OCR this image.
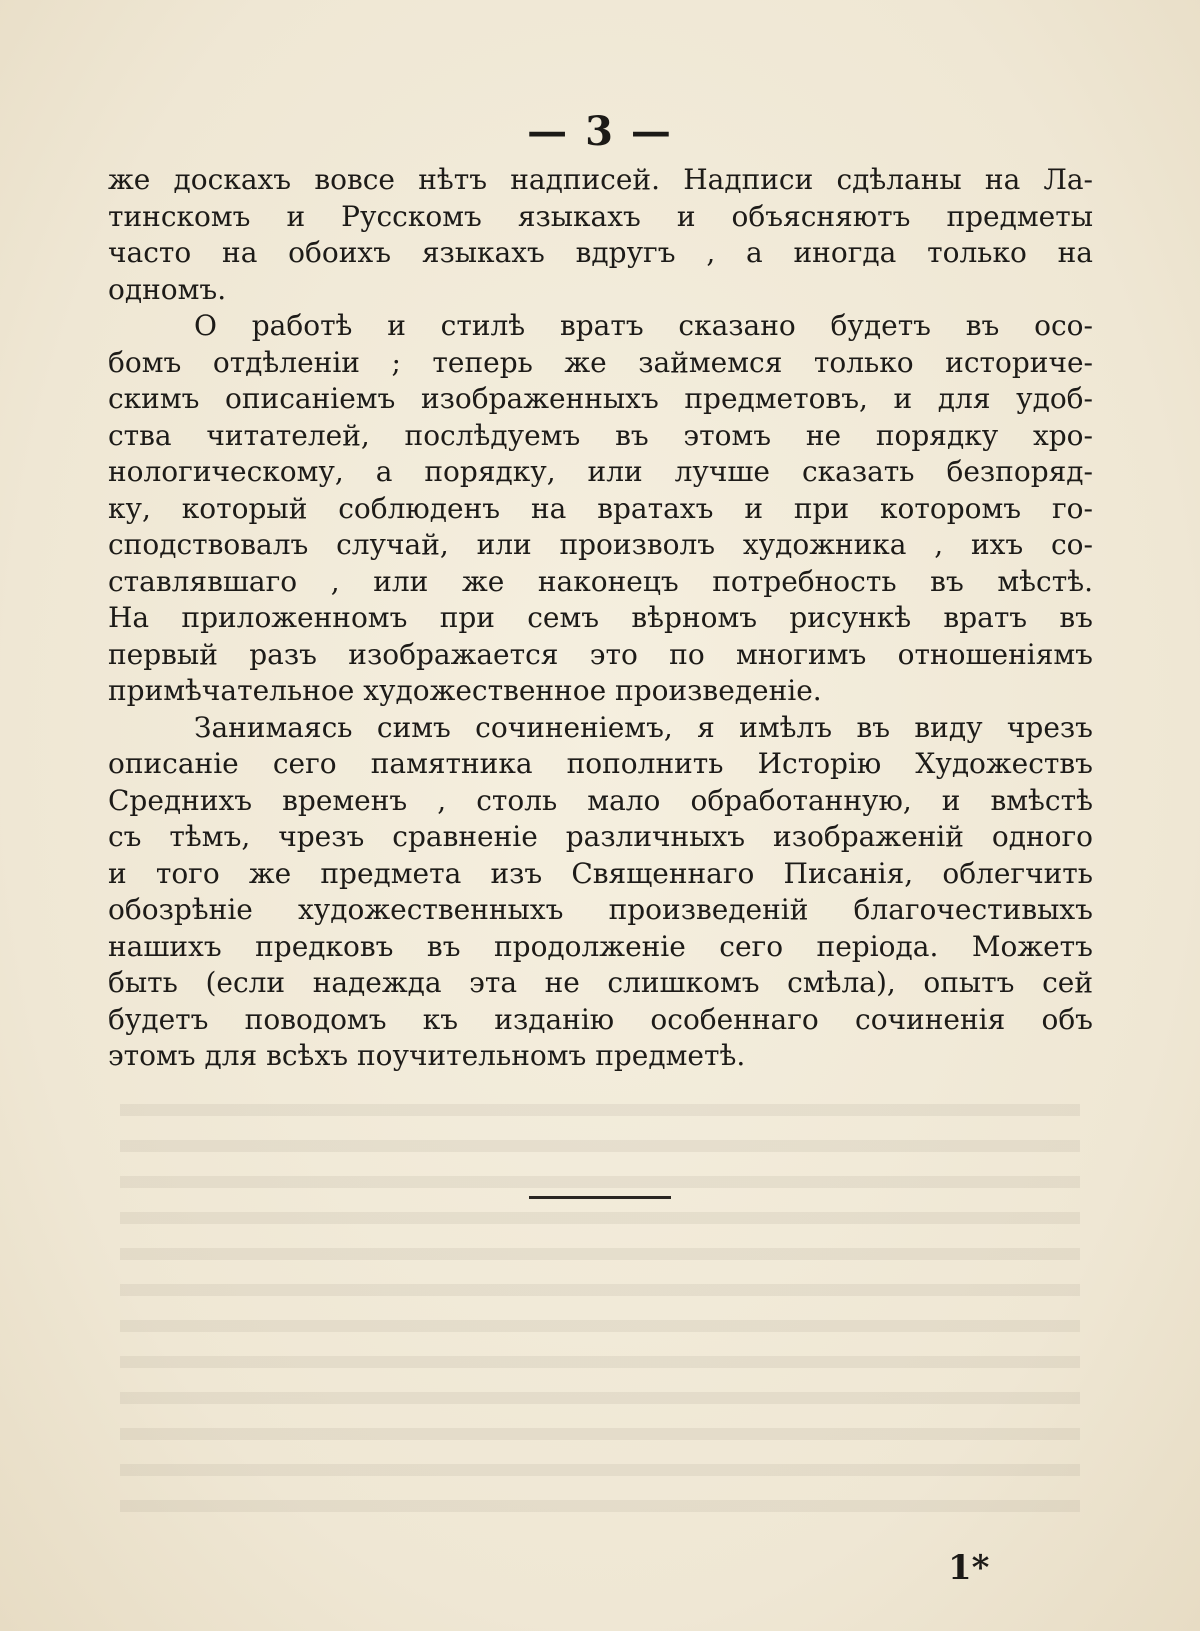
— 3 —
же доскахъ вовсе нѣтъ надписей. Надписи сдѣланы на Ла-
тинскомъ и Русскомъ языкахъ и объясняютъ предметы
часто на обоихъ языкахъ вдругъ , а иногда только на
одномъ.
О работѣ и стилѣ вратъ сказано будетъ въ осо-
бомъ отдѣленіи ; теперь же займемся только истoриче-
скимъ описаніемъ изображенныхъ предметовъ, и для удоб-
ства читателей, послѣдуемъ въ этомъ не порядку хро-
нологическому, а порядку, или лучше сказать безпоряд-
ку, который соблюденъ на вратахъ и при которомъ го-
сподствовалъ случай, или произволъ художника , ихъ со-
ставлявшаго , или же наконецъ потребность въ мѣстѣ.
На приложенномъ при семъ вѣрномъ рисункѣ вратъ въ
первый разъ изображается это по многимъ отношеніямъ
примѣчательное художественное произведеніе.
Занимаясь симъ сочиненіемъ, я имѣлъ въ виду чрезъ
описаніе сего памятника пополнить Исторію Художествъ
Среднихъ временъ , столь мало обработанную, и вмѣстѣ
съ тѣмъ, чрезъ сравненіе различныхъ изображеній одного
и того же предмета изъ Священнаго Писанія, облегчить
обозрѣніе художественныхъ произведеній благочестивыхъ
нашихъ предковъ въ продолженіе сего періода. Можетъ
быть (если надежда эта не слишкомъ смѣла), опытъ сей
будетъ поводомъ къ изданію особеннаго сочиненія объ
этомъ для всѣхъ поучительномъ предметѣ.
1*
